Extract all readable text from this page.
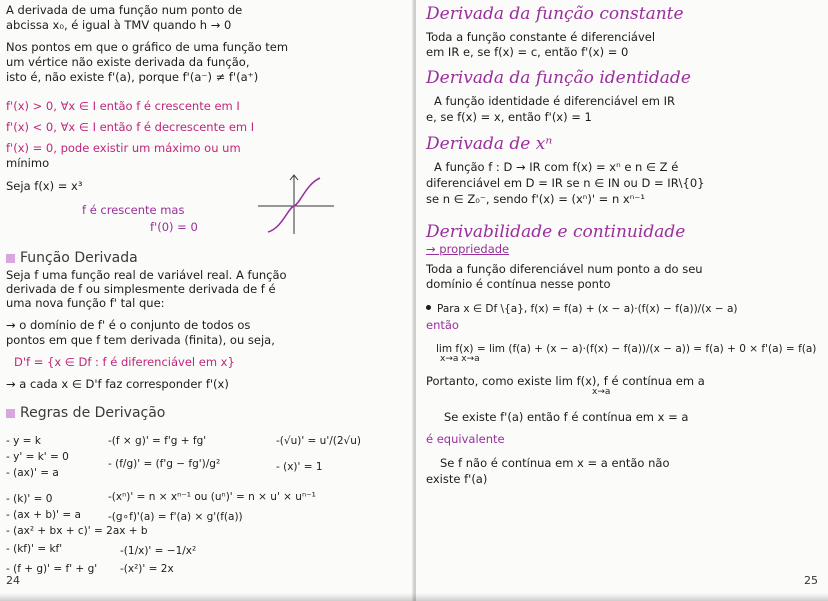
A derivada de uma função num ponto de

abcissa x₀, é igual à TMV quando h → 0

Nos pontos em que o gráfico de uma função tem

um vértice não existe derivada da função,

isto é, não existe f'(a), porque f'(a⁻) ≠ f'(a⁺)

f'(x) > 0, ∀x ∈ I então f é crescente em I

f'(x) < 0, ∀x ∈ I então f é decrescente em I

f'(x) = 0, pode existir um máximo ou um

mínimo

Seja f(x) = x³

f é crescente mas

f'(0) = 0

Função Derivada

Seja f uma função real de variável real. A função

derivada de f ou simplesmente derivada de f é

uma nova função f' tal que:

→ o domínio de f' é o conjunto de todos os

pontos em que f tem derivada (finita), ou seja,

D'f = {x ∈ Df : f é diferenciável em x}

→ a cada x ∈ D'f faz corresponder f'(x)

Regras de Derivação

- y = k

- y' = k' = 0

- (ax)' = a

- (k)' = 0

- (ax + b)' = a

- (ax² + bx + c)' = 2ax + b

- (kf)' = kf'

- (f + g)' = f' + g'

-(f × g)' = f'g + fg'

- (f/g)' = (f'g − fg')/g²

-(xⁿ)' = n × xⁿ⁻¹ ou (uⁿ)' = n × u' × uⁿ⁻¹

-(g∘f)'(a) = f'(a) × g'(f(a))

-(1/x)' = −1/x²

-(x²)' = 2x

-(√u)' = u'/(2√u)

- (x)' = 1

24

Derivada da função constante

Toda a função constante é diferenciável

em IR e, se f(x) = c, então f'(x) = 0

Derivada da função identidade

A função identidade é diferenciável em IR

e, se f(x) = x, então f'(x) = 1

Derivada de xⁿ

A função f : D → IR com f(x) = xⁿ e n ∈ Z é

diferenciável em D = IR se n ∈ IN ou D = IR\{0}

se n ∈ Z₀⁻, sendo f'(x) = (xⁿ)' = n xⁿ⁻¹

Derivabilidade e continuidade

→ propriedade

Toda a função diferenciável num ponto a do seu

domínio é contínua nesse ponto

Para x ∈ Df \{a}, f(x) = f(a) + (x − a)·(f(x) − f(a))/(x − a)

então

lim f(x) = lim (f(a) + (x − a)·(f(x) − f(a))/(x − a)) = f(a) + 0 × f'(a) = f(a)

x→a x→a

Portanto, como existe lim f(x), f é contínua em a

x→a

Se existe f'(a) então f é contínua em x = a

é equivalente

Se f não é contínua em x = a então não

existe f'(a)

25
